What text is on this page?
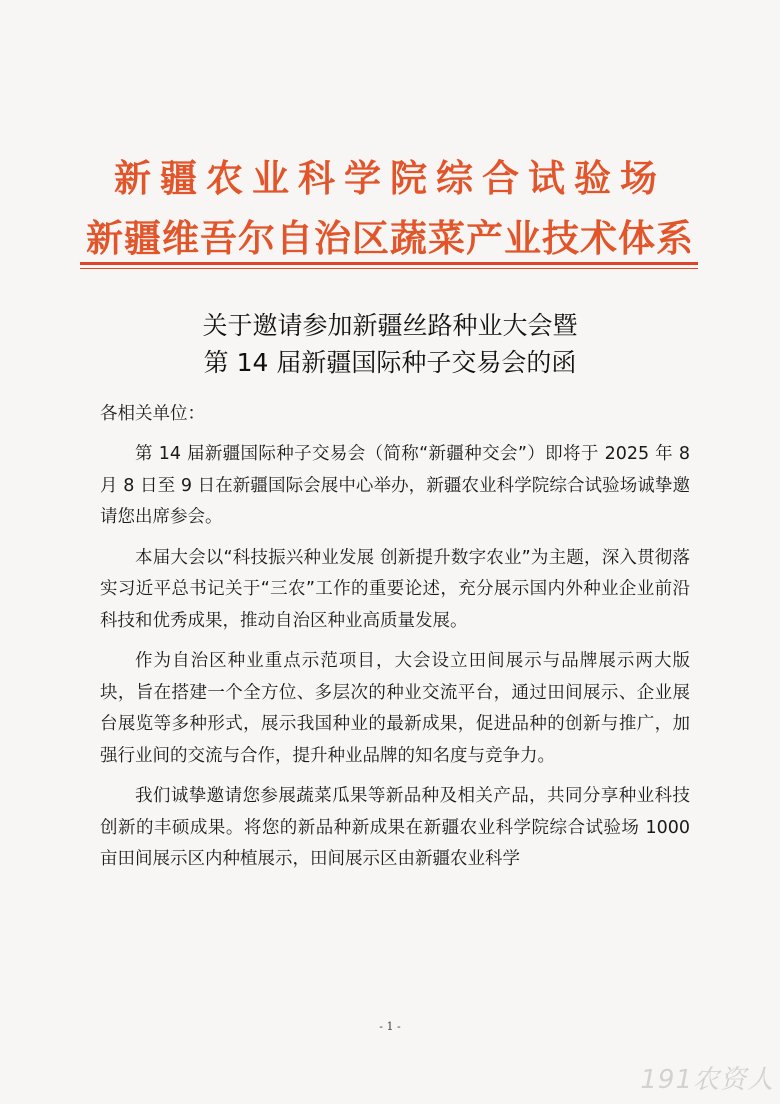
新疆农业科学院综合试验场
新疆维吾尔自治区蔬菜产业技术体系
关于邀请参加新疆丝路种业大会暨
第 14 届新疆国际种子交易会的函
各相关单位：

第 14 届新疆国际种子交易会（简称“新疆种交会”）即将于 2025 年 8 月 8 日至 9 日在新疆国际会展中心举办，新疆农业科学院综合试验场诚挚邀请您出席参会。

本届大会以“科技振兴种业发展 创新提升数字农业”为主题，深入贯彻落实习近平总书记关于“三农”工作的重要论述，充分展示国内外种业企业前沿科技和优秀成果，推动自治区种业高质量发展。

作为自治区种业重点示范项目，大会设立田间展示与品牌展示两大版块，旨在搭建一个全方位、多层次的种业交流平台，通过田间展示、企业展台展览等多种形式，展示我国种业的最新成果，促进品种的创新与推广，加强行业间的交流与合作，提升种业品牌的知名度与竞争力。

我们诚挚邀请您参展蔬菜瓜果等新品种及相关产品，共同分享种业科技创新的丰硕成果。将您的新品种新成果在新疆农业科学院综合试验场 1000 亩田间展示区内种植展示，田间展示区由新疆农业科学

- 1 -
191农资人
